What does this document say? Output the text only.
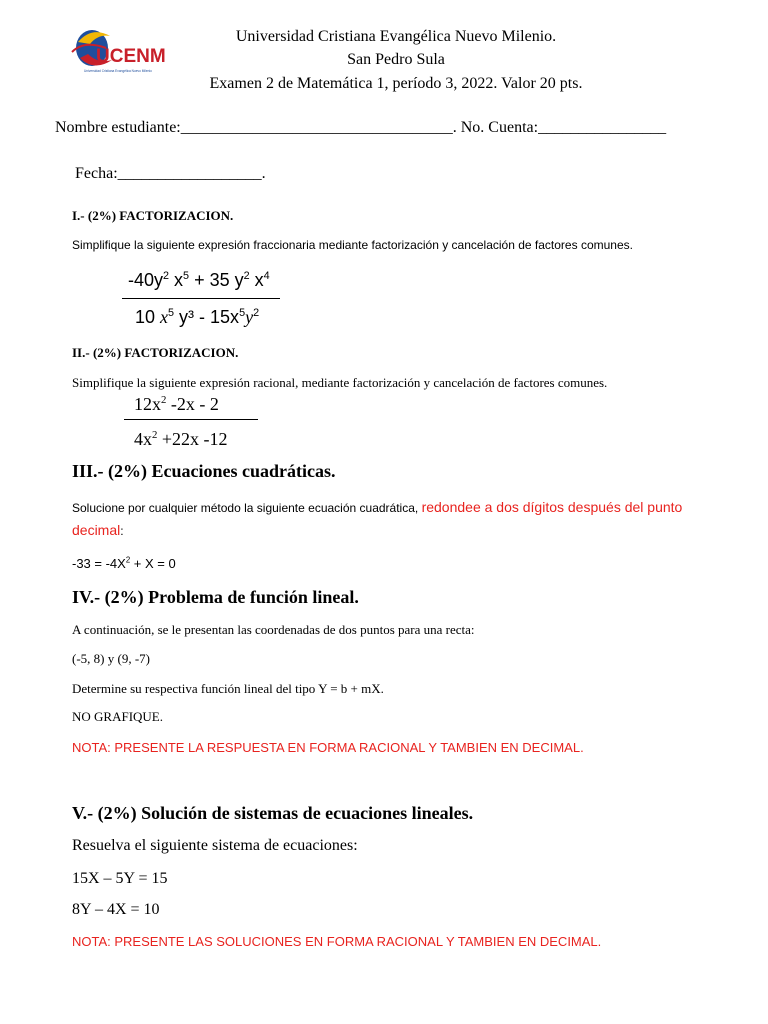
UCENM
Universidad Cristiana Evangélica Nuevo Milenio
Universidad Cristiana Evangélica Nuevo Milenio.
San Pedro Sula
Examen 2 de Matemática 1, período 3, 2022. Valor 20 pts.
Nombre estudiante:__________________________________. No. Cuenta:________________
Fecha:__________________.
I.- (2%) FACTORIZACION.
Simplifique la siguiente expresión fraccionaria mediante factorización y cancelación de factores comunes.
$-40y^2$ $x^5 + 35$ $y^2$ $x^4$
10 $x^5$ $y^3 - 15x^5y^2$
II.- (2%) FACTORIZACION.
Simplifique la siguiente expresión racional, mediante factorización y cancelación de factores comunes.
$12x^2$ -2x - 2
$4x^2 +22x$ -12
III.- (2%) Ecuaciones cuadráticas.
Solucione por cualquier método la siguiente ecuación cuadrática, redondee a dos dígitos después del punto decimal:
$-33 = -4X^2 + X = 0$
IV.- (2%) Problema de función lineal.
A continuación, se le presentan las coordenadas de dos puntos para una recta:
(-5, 8) y (9, -7)
Determine su respectiva función lineal del tipo Y = b + mX.
NO GRAFIQUE.
NOTA: PRESENTE LA RESPUESTA EN FORMA RACIONAL Y TAMBIEN EN DECIMAL.
V.- (2%) Solución de sistemas de ecuaciones lineales.
Resuelva el siguiente sistema de ecuaciones:
15X – 5Y = 15
8Y – 4X = 10
NOTA: PRESENTE LAS SOLUCIONES EN FORMA RACIONAL Y TAMBIEN EN DECIMAL.
